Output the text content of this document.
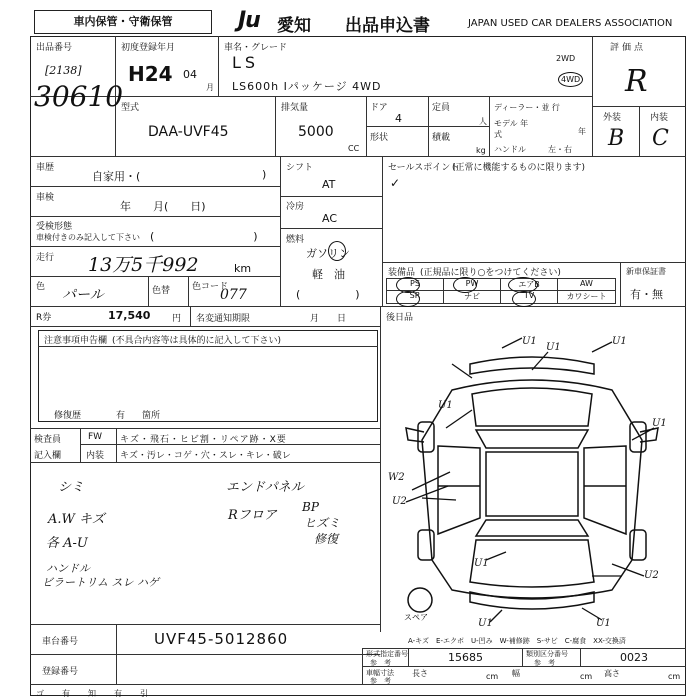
車内保管・守衛保管	Ju 愛知 出品申込書	JAPAN USED CAR DEALERS ASSOCIATION
出品番号
[2138]
30610
初度登録年月
H24 04
月
車名・グレード
LS
LS600h Iパッケージ 4WD
2WD
4WD
評価点
R
外装	内装
B C
型式
DAA-UVF45
排気量
5000
CC
ドア
4
定員
人
形状	積載
kg
ディーラー・並 行
モデル 年式	年
ハンドル	左・右
車歴
自家用・(	)
車検
年　　月(　　日)
受検形態
車検付きのみ記入して下さい (　　　　　　　　　)
走行 13万5千992	km
色 パール	色替 色コード
077
シフト
AT
冷房
AC
燃料
ガソリン
軽　油
(　　　　　)
セールスポイント
(正常に機能するものに限ります)
✓
装備品 (正規品に限り○をつけてください)
PS	PW	エアB	AW
SR	ナビ	TV	カワシート
新車保証書
有・無
R券	17,540 円 名変通知期限	月　　日	後日品
注意事項申告欄 (不具合内容等は具体的に記入して下さい)
修復歴	有 箇所
検査員
記入欄
FW キズ・飛石・ヒビ割・リペア跡・X要
内装 キズ・汚レ・コゲ・穴・スレ・キレ・破レ
シミ
A.W キズ
各 A-U
ハンドル
ビラートリム スレ ハゲ
エンドパネル
Rフロア
BP
ヒズミ
修復
U1
U1
W2
U1
U2
U1
U1
U2
U1	U1
U1
スペア
A-キズ　E-エクボ　U-凹み　W-補修跡　S-サビ　C-腐食　XX-交換済
車台番号	UVF45-5012860
登録番号
形式指定番号
参　考	15685	類別区分番号
参　考	0023
車幅寸法
参　考
長さ	cm 幅	cm 高さ	cm
ゴ 有 知 有 引
